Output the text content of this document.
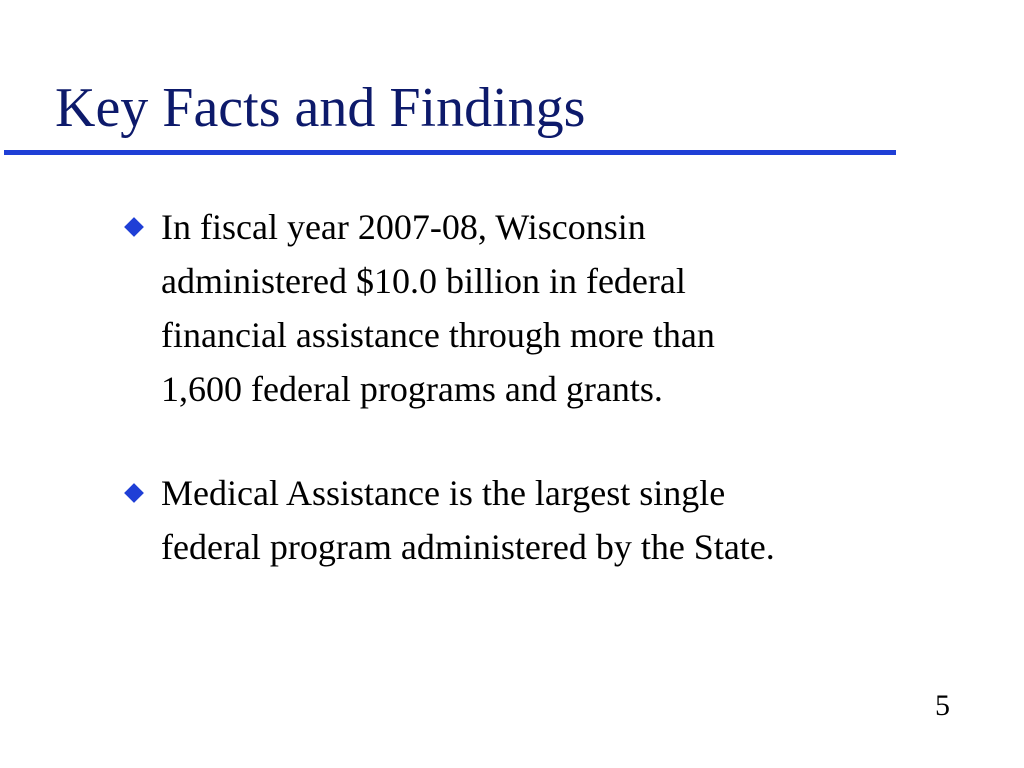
Key Facts and Findings
In fiscal year 2007-08, Wisconsin
administered $10.0 billion in federal
financial assistance through more than
1,600 federal programs and grants.
Medical Assistance is the largest single
federal program administered by the State.
5
